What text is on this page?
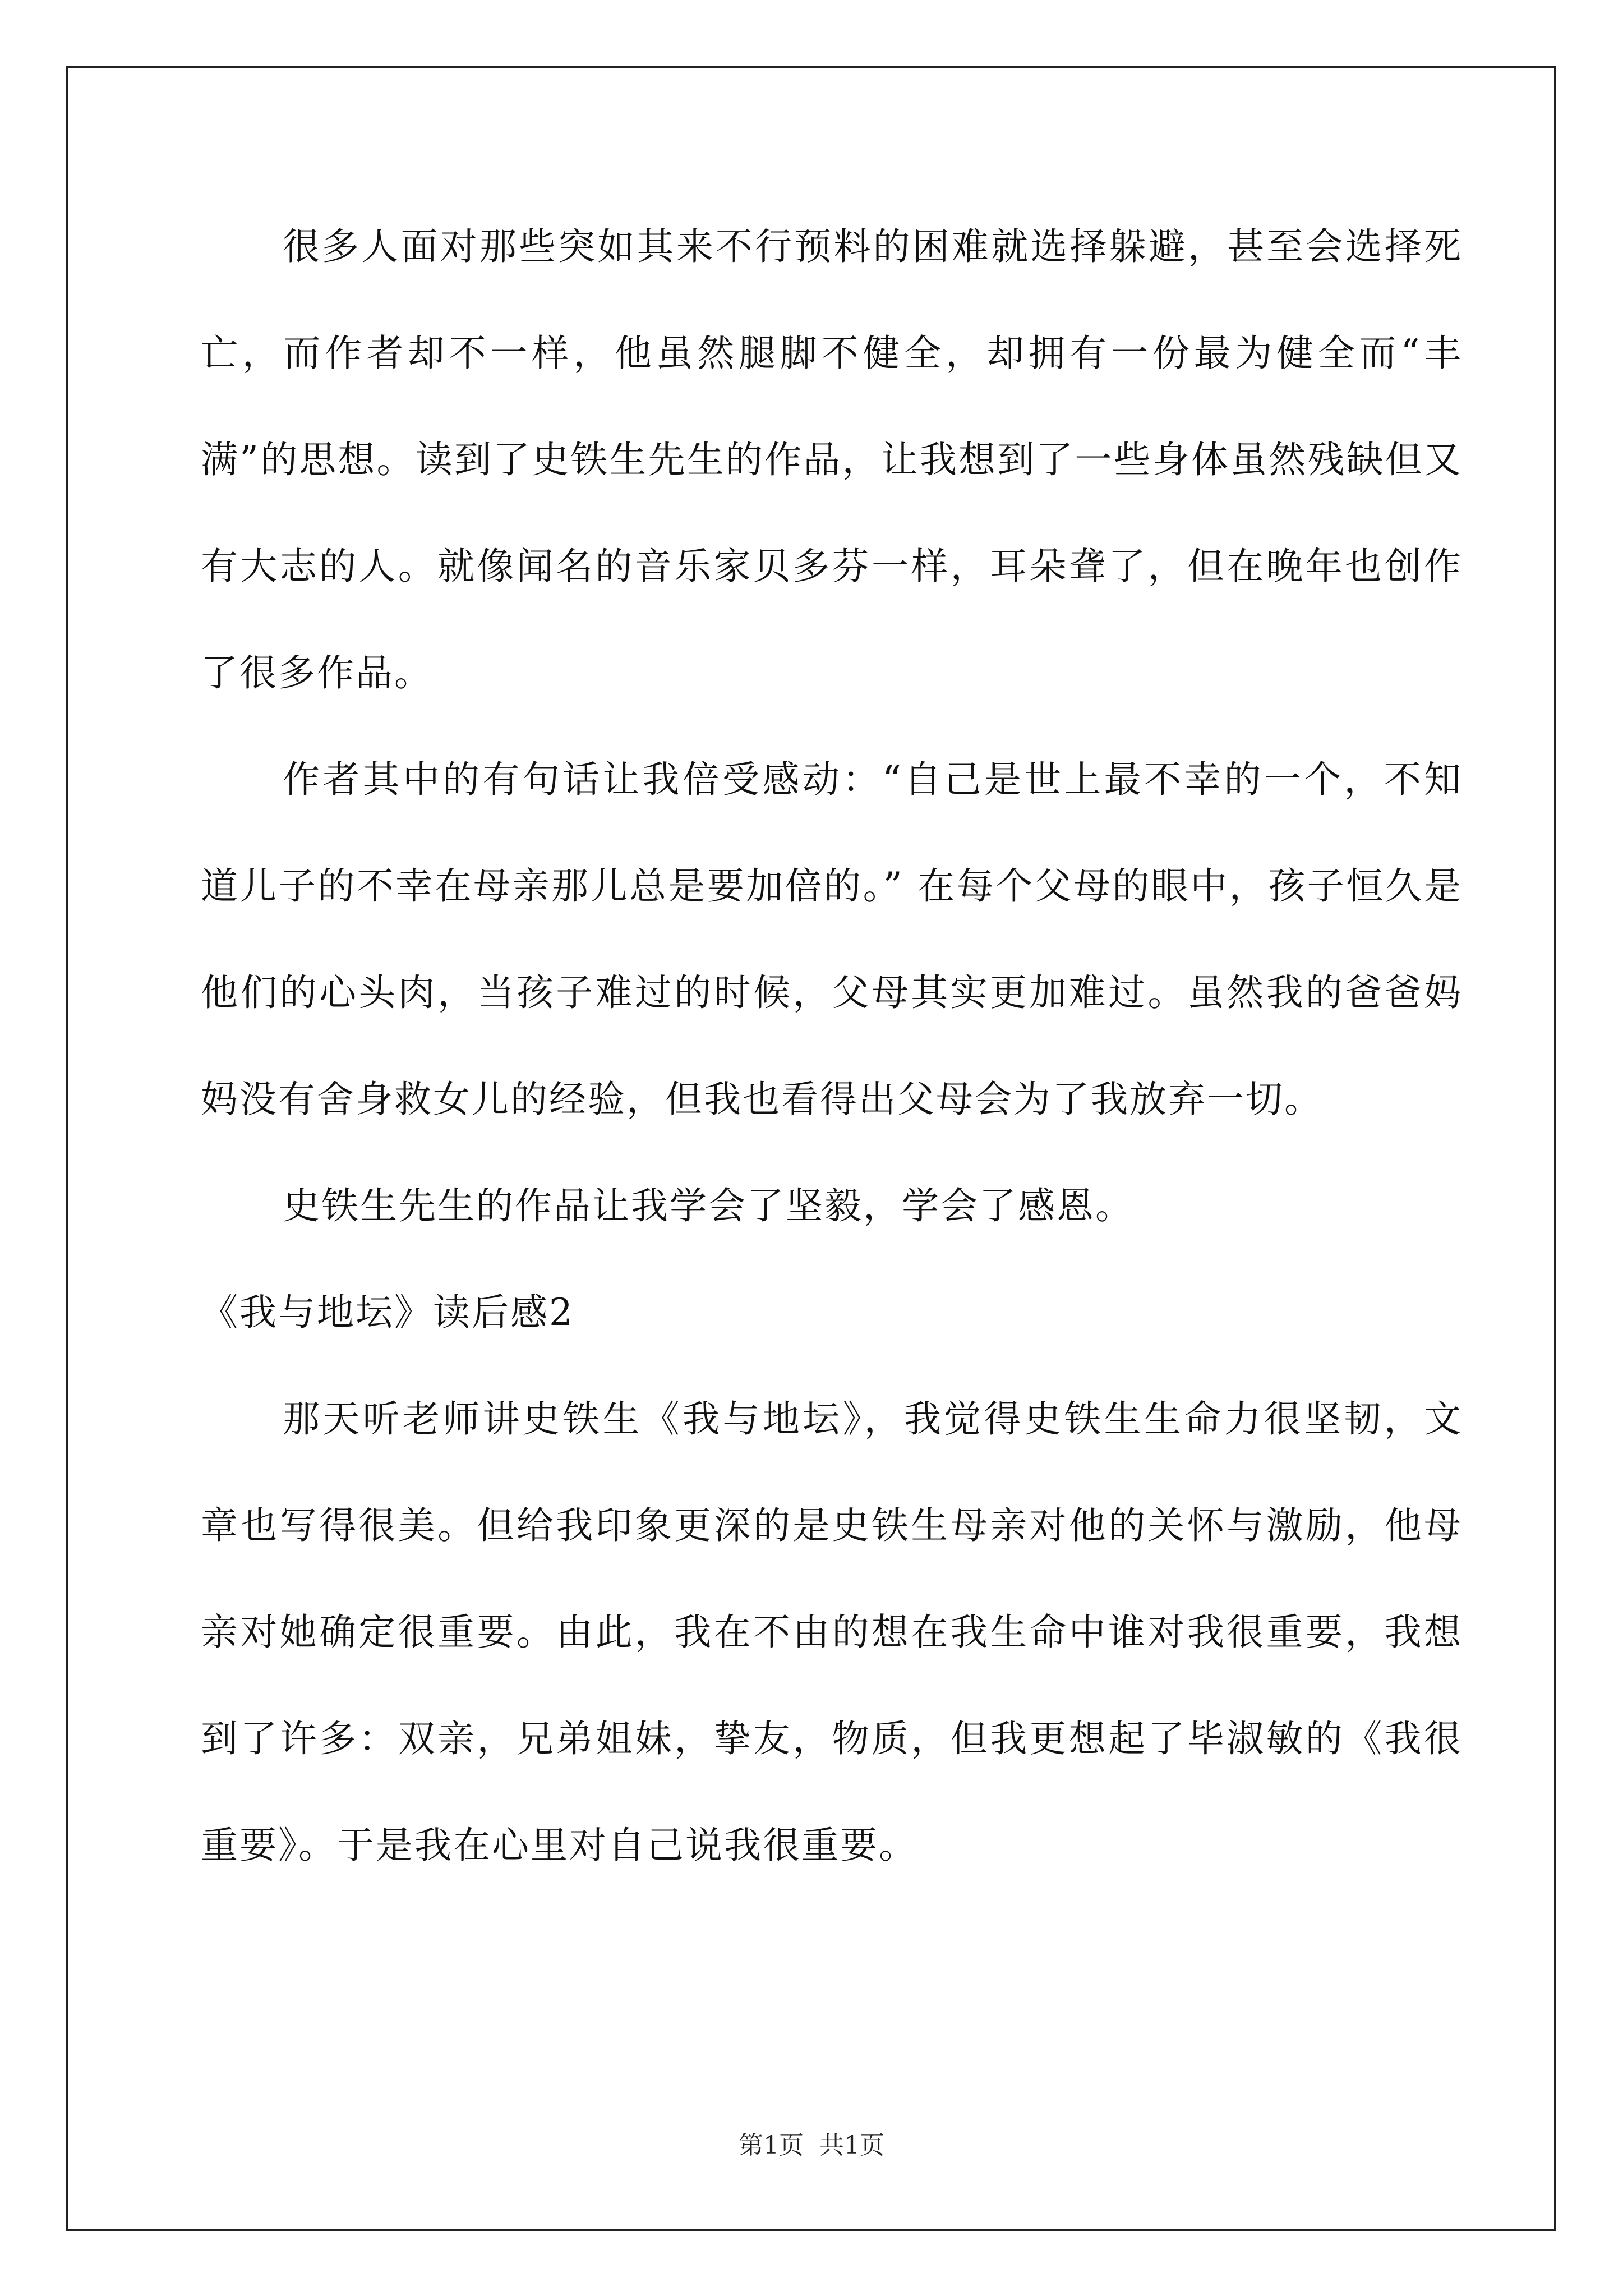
很多人面对那些突如其来不行预料的困难就选择躲避，甚至会选择死亡，而作者却不一样，他虽然腿脚不健全，却拥有一份最为健全而“丰满”的思想。读到了史铁生先生的作品，让我想到了一些身体虽然残缺但又有大志的人。就像闻名的音乐家贝多芬一样，耳朵聋了，但在晚年也创作了很多作品。

作者其中的有句话让我倍受感动：“自己是世上最不幸的一个，不知道儿子的不幸在母亲那儿总是要加倍的。” 在每个父母的眼中，孩子恒久是他们的心头肉，当孩子难过的时候，父母其实更加难过。虽然我的爸爸妈妈没有舍身救女儿的经验，但我也看得出父母会为了我放弃一切。

史铁生先生的作品让我学会了坚毅，学会了感恩。

《我与地坛》读后感2

那天听老师讲史铁生《我与地坛》，我觉得史铁生生命力很坚韧，文章也写得很美。但给我印象更深的是史铁生母亲对他的关怀与激励，他母亲对她确定很重要。由此，我在不由的想在我生命中谁对我很重要，我想到了许多：双亲，兄弟姐妹，挚友，物质，但我更想起了毕淑敏的《我很重要》。于是我在心里对自己说我很重要。

第1页 共1页
